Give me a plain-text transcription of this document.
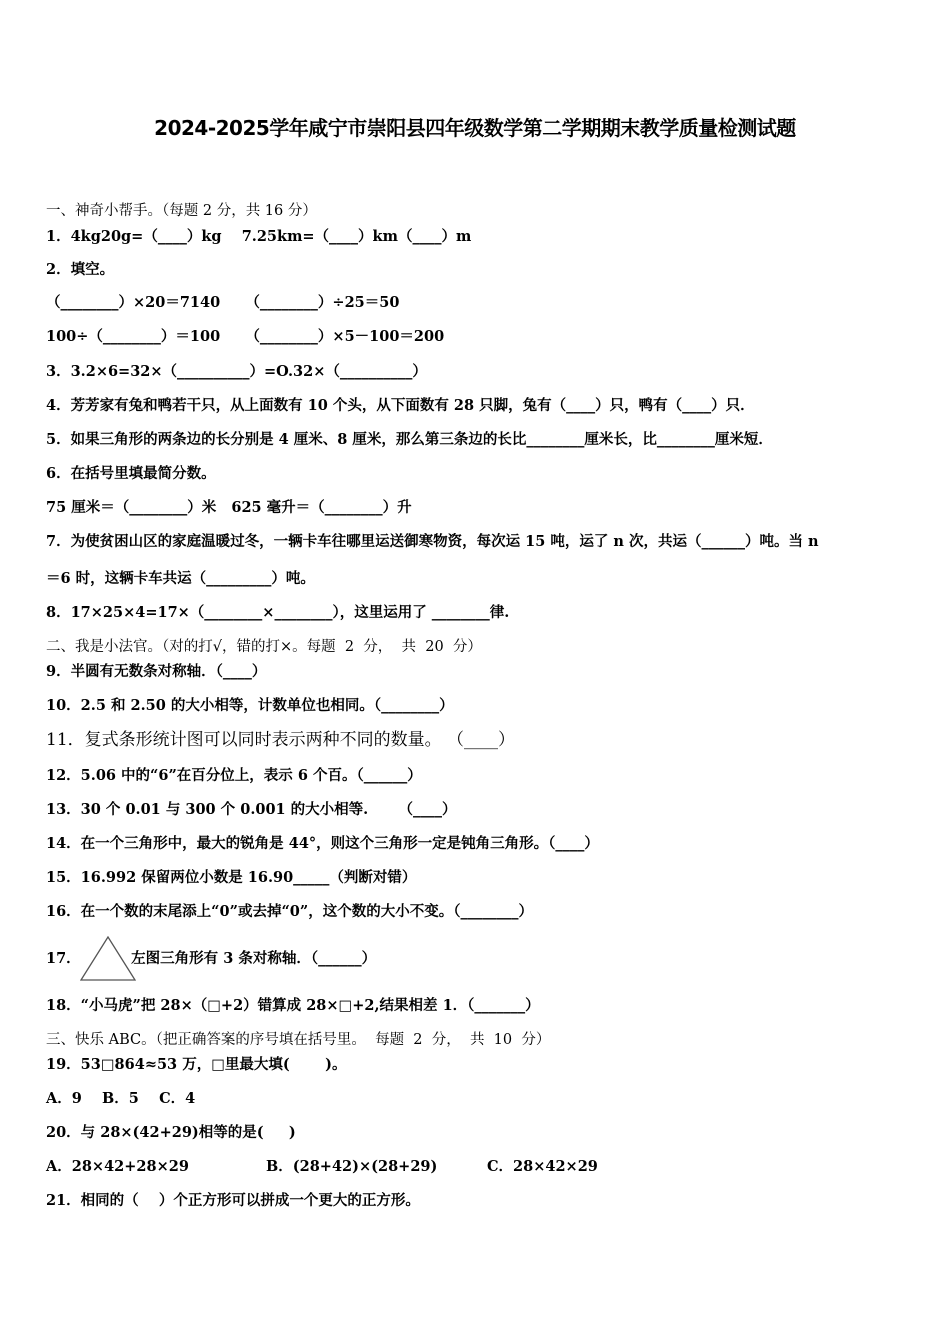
2024-2025学年咸宁市崇阳县四年级数学第二学期期末教学质量检测试题
一、神奇小帮手。（每题 2 分，共 16 分）
1．4kg20g=（____）kg    7.25km=（____）km（____）m
2．填空。
（________）×20＝7140     （________）÷25＝50
100÷（________）＝100     （________）×5－100＝200
3．3.2×6=32×（__________）=O.32×（__________）
4．芳芳家有兔和鸭若干只，从上面数有 10 个头，从下面数有 28 只脚，兔有（____）只，鸭有（____）只．
5．如果三角形的两条边的长分别是 4 厘米、8 厘米，那么第三条边的长比________厘米长，比________厘米短．
6．在括号里填最简分数。
75 厘米＝（________）米   625 毫升＝（________）升
7．为使贫困山区的家庭温暖过冬，一辆卡车往哪里运送御寒物资，每次运 15 吨，运了 n 次，共运（______）吨。当 n
＝6 时，这辆卡车共运（_________）吨。
8．17×25×4=17×（________×________），这里运用了 ________律.
二、我是小法官。（对的打√，错的打×。每题  2  分，  共  20  分）
9．半圆有无数条对称轴．（____）
10．2.5 和 2.50 的大小相等，计数单位也相同。（________）
11．复式条形统计图可以同时表示两种不同的数量。 （____）
12．5.06 中的“6”在百分位上，表示 6 个百。（______）
13．30 个 0.01 与 300 个 0.001 的大小相等.      （____）
14．在一个三角形中，最大的锐角是 44°，则这个三角形一定是钝角三角形。（____）
15．16.992 保留两位小数是 16.90_____（判断对错）
16．在一个数的末尾添上“0”或去掉“0”，这个数的大小不变。（________）
17．          左图三角形有 3 条对称轴．（______）
18．“小马虎”把 28×（□+2）错算成 28×□+2,结果相差 1．（_______）
三、快乐 ABC。（把正确答案的序号填在括号里。  每题  2  分，  共  10  分）
19．53□864≈53 万，□里最大填(       )。
A．9    B．5    C．4
20．与 28×(42+29)相等的是(     )
21．相同的（    ）个正方形可以拼成一个更大的正方形。
A．28×42+28×29	B．(28+42)×(28+29)	C．28×42×29
